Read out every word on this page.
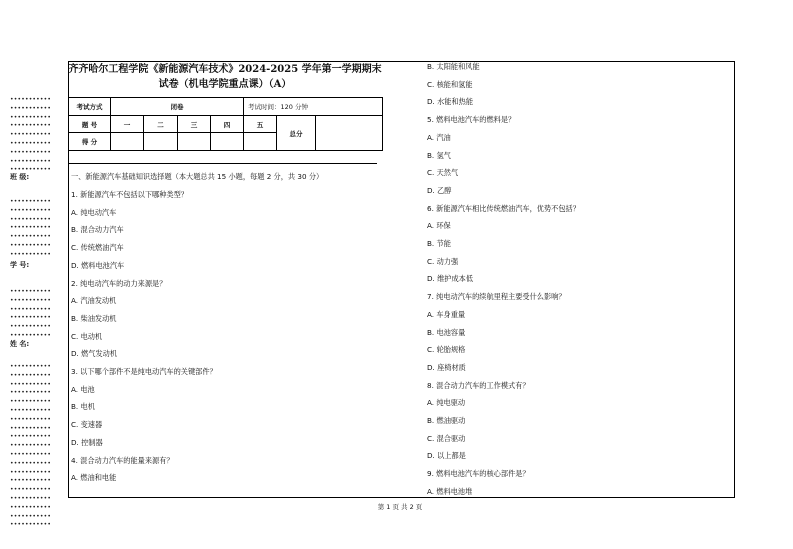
•••••••••••
•••••••••••
•••••••••••
•••••••••••
•••••••••••
•••••••••••
•••••••••••
•••••••••••
•••••••••••
•••••••••••
•••••••••••
•••••••••••
•••••••••••
•••••••••••
•••••••••••
•••••••••••
•••••••••••
•••••••••••
•••••••••••
•••••••••••
•••••••••••
•••••••••••
•••••••••••
•••••••••••
•••••••••••
•••••••••••
•••••••••••
•••••••••••
•••••••••••
•••••••••••
•••••••••••
•••••••••••
•••••••••••
•••••••••••
•••••••••••
•••••••••••
•••••••••••
•••••••••••
•••••••••••
•••••••••••
•••••••••••
班 级:
学 号:
姓 名:
齐齐哈尔工程学院《新能源汽车技术》2024-2025 学年第一学期期末
试卷（机电学院重点课）（A）
考试方式	闭卷				考试时间：120 分钟		
题 号	一	二	三	四	五	总分	
得 分							
一、新能源汽车基础知识选择题（本大题总共 15 小题，每题 2 分，共 30 分）
1. 新能源汽车不包括以下哪种类型？
A. 纯电动汽车
B. 混合动力汽车
C. 传统燃油汽车
D. 燃料电池汽车
2. 纯电动汽车的动力来源是？
A. 汽油发动机
B. 柴油发动机
C. 电动机
D. 燃气发动机
3. 以下哪个部件不是纯电动汽车的关键部件？
A. 电池
B. 电机
C. 变速器
D. 控制器
4. 混合动力汽车的能量来源有？
A. 燃油和电能
B. 太阳能和风能
C. 核能和氢能
D. 水能和热能
5. 燃料电池汽车的燃料是？
A. 汽油
B. 氢气
C. 天然气
D. 乙醇
6. 新能源汽车相比传统燃油汽车，优势不包括？
A. 环保
B. 节能
C. 动力强
D. 维护成本低
7. 纯电动汽车的续航里程主要受什么影响？
A. 车身重量
B. 电池容量
C. 轮胎规格
D. 座椅材质
8. 混合动力汽车的工作模式有？
A. 纯电驱动
B. 燃油驱动
C. 混合驱动
D. 以上都是
9. 燃料电池汽车的核心部件是？
A. 燃料电池堆
第 1 页 共 2 页
